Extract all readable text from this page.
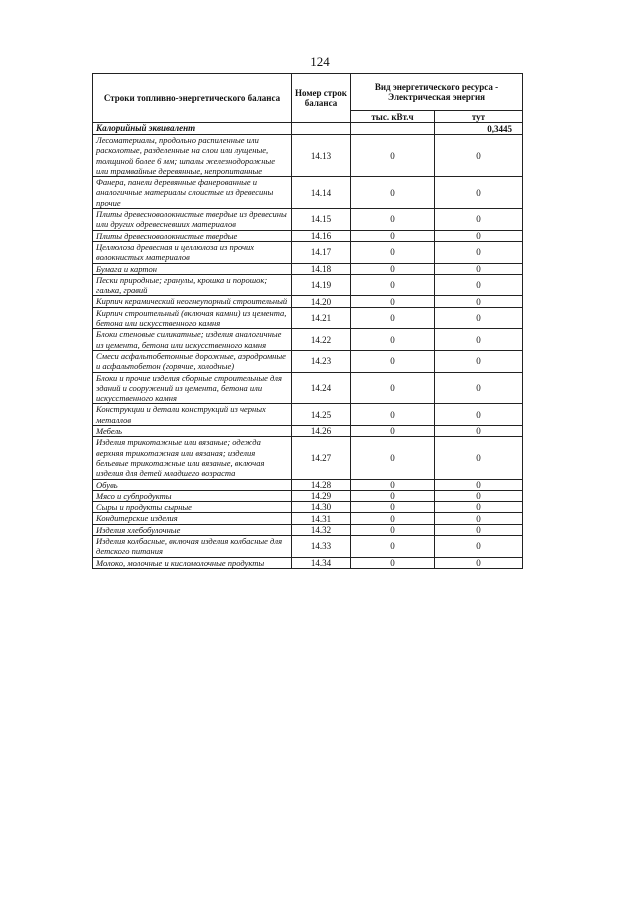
124
Строки топливно-энергетического баланса	Номер строк баланса	Вид энергетического ресурса - Электрическая энергия	
		тыс. кВт.ч	тут
Калорийный эквивалент			0,3445
Лесоматериалы, продольно распиленные или расколотые, разделенные на слои или лущеные, толщиной более 6 мм; шпалы железнодорожные или трамвайные деревянные, непропитанные	14.13	0	0
Фанера, панели деревянные фанерованные и аналогичные материалы слоистые из древесины прочие	14.14	0	0
Плиты древесноволокнистые твердые из древесины или других одревесневших материалов	14.15	0	0
Плиты древесноволокнистые твердые	14.16	0	0
Целлюлоза древесная и целлюлоза из прочих волокнистых материалов	14.17	0	0
Бумага и картон	14.18	0	0
Пески природные; гранулы, крошка и порошок; галька, гравий	14.19	0	0
Кирпич керамический неогнеупорный строительный	14.20	0	0
Кирпич строительный (включая камни) из цемента, бетона или искусственного камня	14.21	0	0
Блоки стеновые силикатные; изделия аналогичные из цемента, бетона или искусственного камня	14.22	0	0
Смеси асфальтобетонные дорожные, аэродромные и асфальтобетон (горячие, холодные)	14.23	0	0
Блоки и прочие изделия сборные строительные для зданий и сооружений из цемента, бетона или искусственного камня	14.24	0	0
Конструкции и детали конструкций из черных металлов	14.25	0	0
Мебель	14.26	0	0
Изделия трикотажные или вязаные; одежда верхняя трикотажная или вязаная; изделия бельевые трикотажные или вязаные, включая изделия для детей младшего возраста	14.27	0	0
Обувь	14.28	0	0
Мясо и субпродукты	14.29	0	0
Сыры и продукты сырные	14.30	0	0
Кондитерские изделия	14.31	0	0
Изделия хлебобулочные	14.32	0	0
Изделия колбасные, включая изделия колбасные для детского питания	14.33	0	0
Молоко, молочные и кисломолочные продукты	14.34	0	0
